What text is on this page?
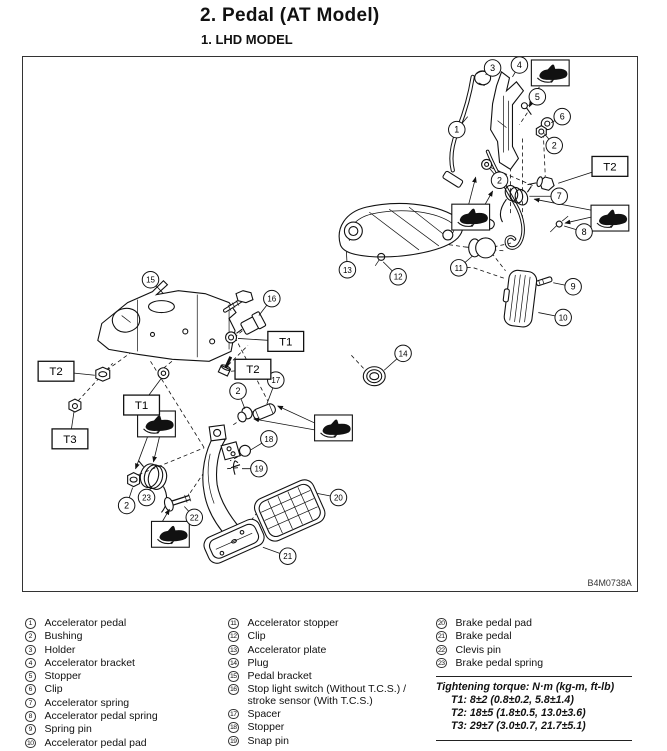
2. Pedal (AT Model)
1. LHD MODEL
1
3 4
5
6
2
2
7
8
9
10
11
12
13
14
15
16
17
2
18
19
20
21
22
23
2
T2
T1
T2
T2
T1
T3
B4M0738A
1	Accelerator pedal
2	Bushing
3	Holder
4	Accelerator bracket
5	Stopper
6	Clip
7	Accelerator spring
8	Accelerator pedal spring
9	Spring pin
10 Accelerator pedal pad
11 Accelerator stopper
12 Clip
13 Accelerator plate
14 Plug
15 Pedal bracket
16 Stop light switch (Without T.C.S.) / stroke sensor (With T.C.S.)
17 Spacer
18 Stopper
19 Snap pin
20 Brake pedal pad
21 Brake pedal
22 Clevis pin
23 Brake pedal spring
Tightening torque: N·m (kg-m, ft-lb)
T1: 8±2 (0.8±0.2, 5.8±1.4)
T2: 18±5 (1.8±0.5, 13.0±3.6)
T3: 29±7 (3.0±0.7, 21.7±5.1)
